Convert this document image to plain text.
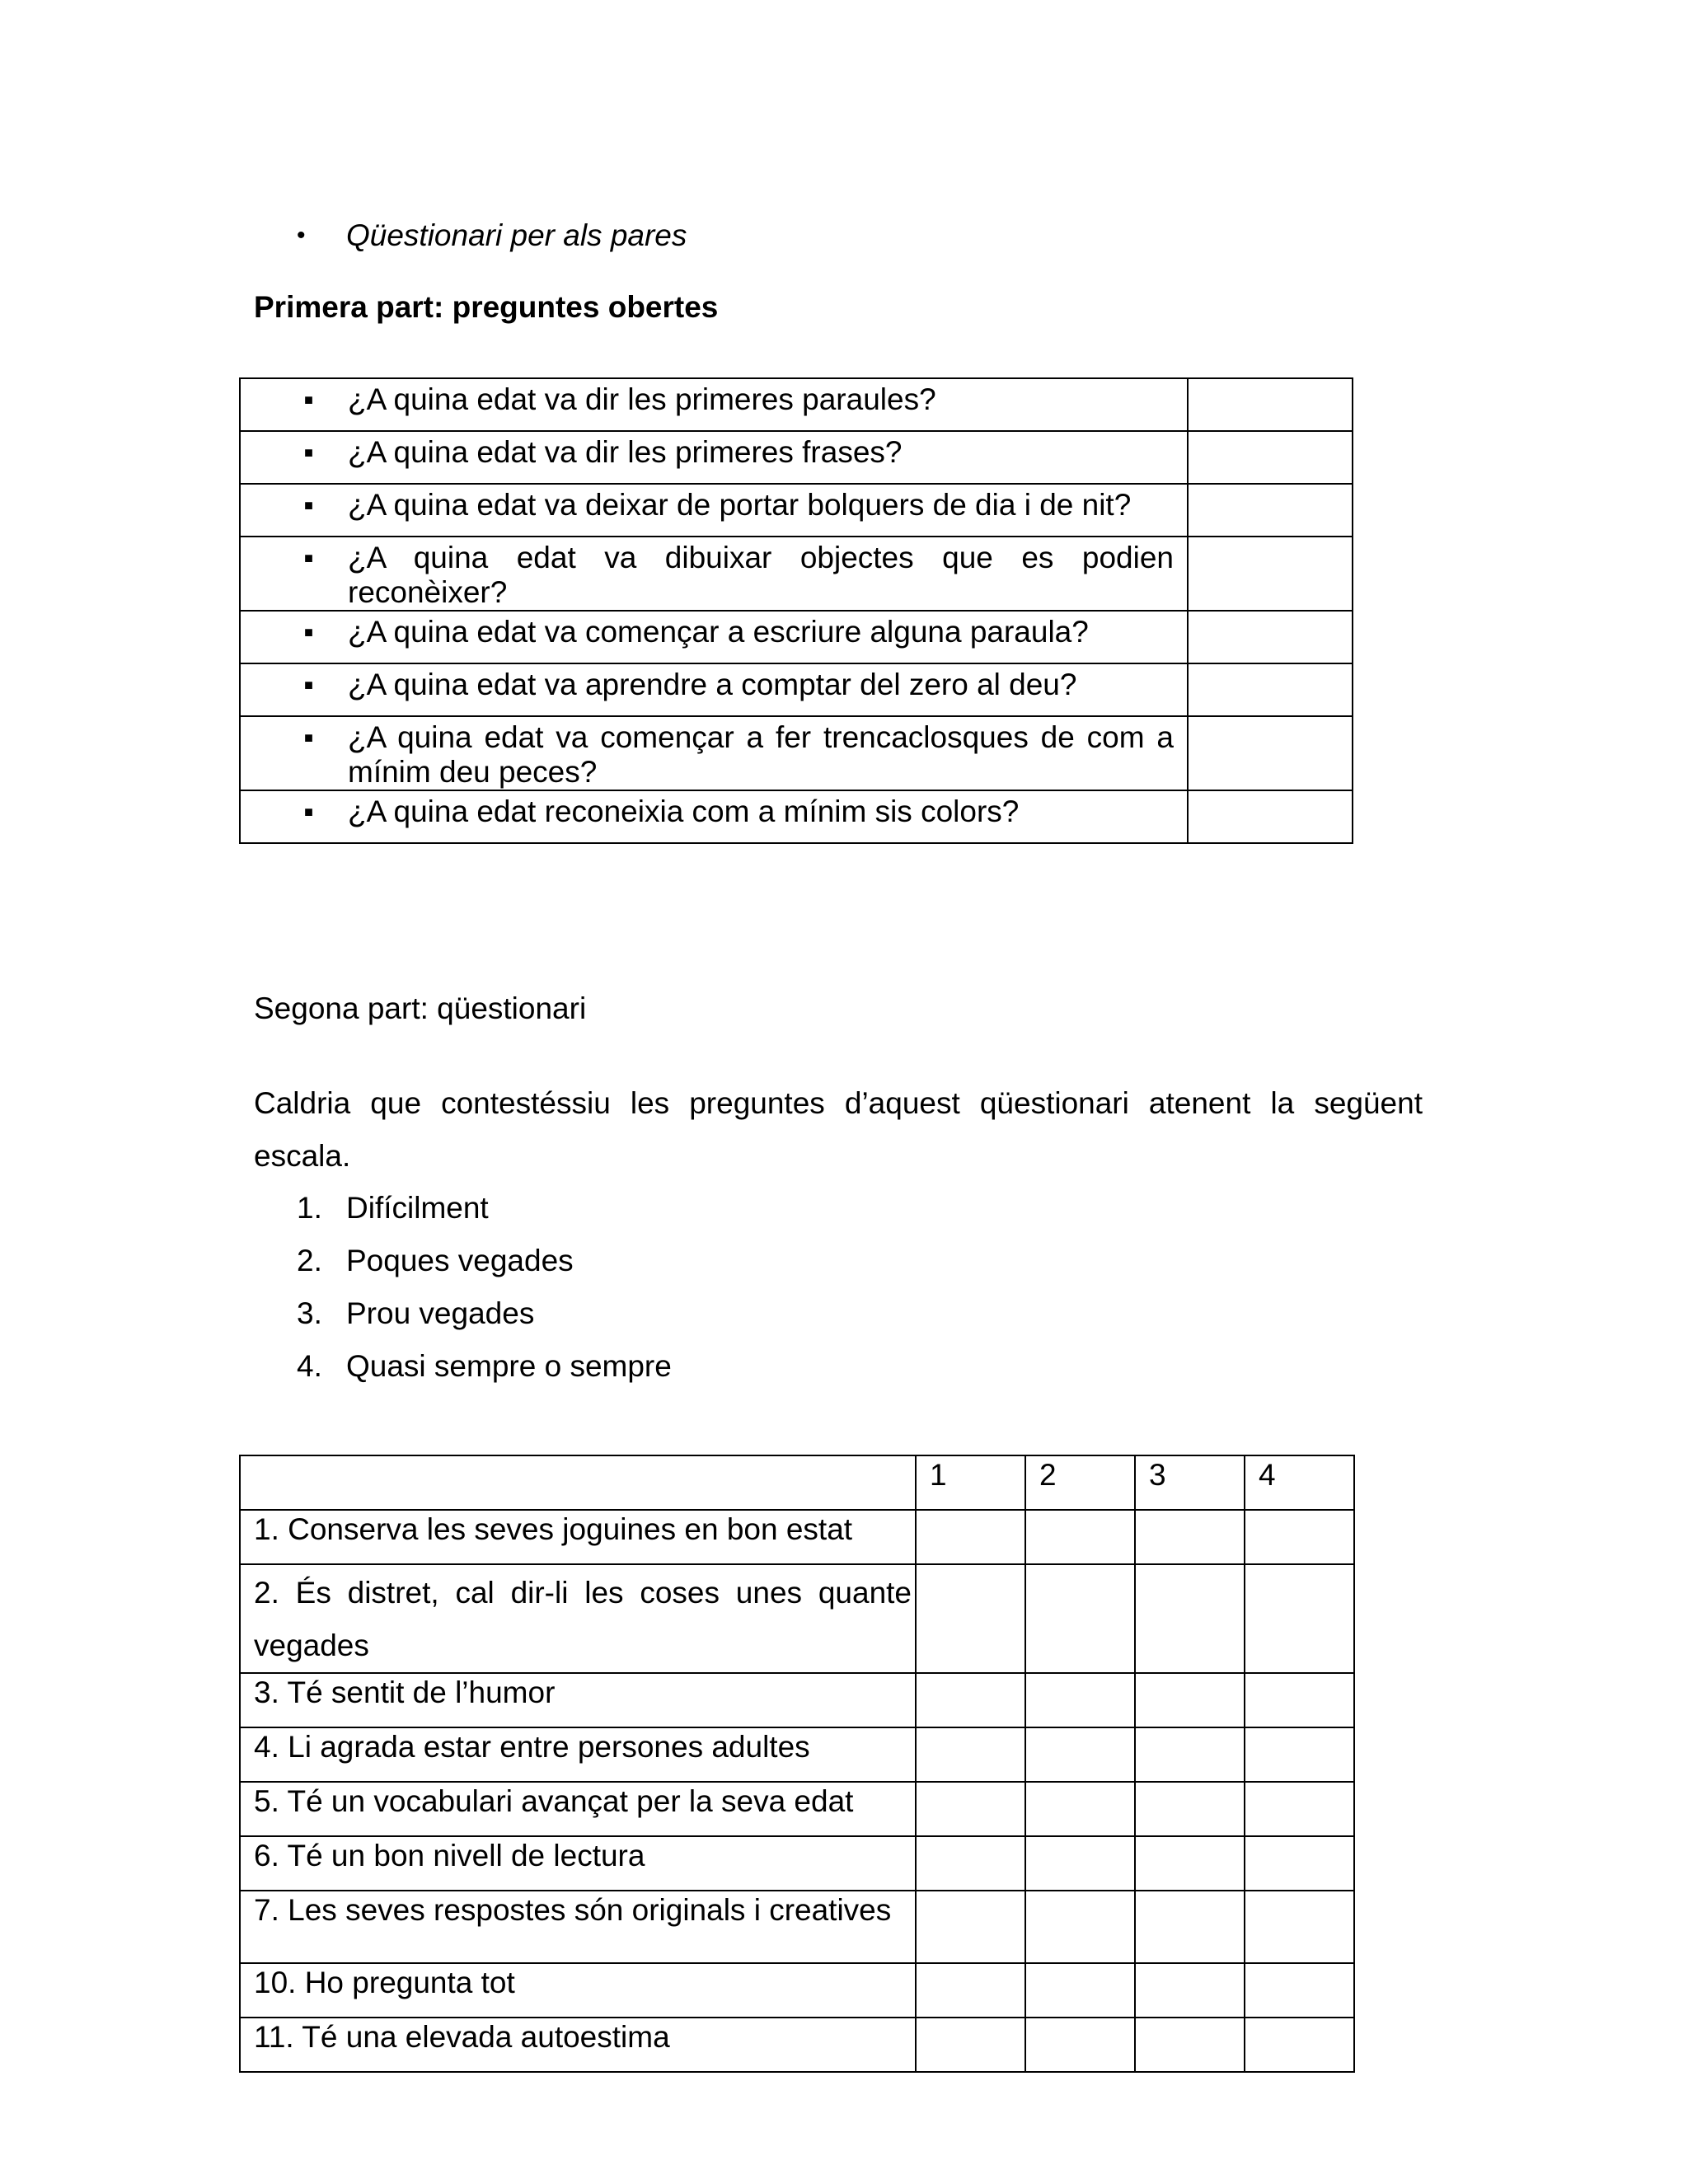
•	Qüestionari per als pares
Primera part: preguntes obertes
■ ¿A quina edat va dir les primeres paraules?	

■ ¿A quina edat va dir les primeres frases?	

■ ¿A quina edat va deixar de portar bolquers de dia i de nit?	

■ ¿A quina edat va dibuixar objectes que es podien reconèixer?	

■ ¿A quina edat va començar a escriure alguna paraula?	

■ ¿A quina edat va aprendre a comptar del zero al deu?	

■ ¿A quina edat va començar a fer trencaclosques de com a mínim deu peces?	

■ ¿A quina edat reconeixia com a mínim sis colors?	

Segona part: qüestionari
Caldria que contestéssiu les preguntes d’aquest qüestionari atenent la següent escala.
1. Difícilment
2. Poques vegades
3. Prou vegades
4. Quasi sempre o sempre
	1	2	3	4
1. Conserva les seves joguines en bon estat				
2. És distret, cal dir-li les coses unes quante vegades				
3. Té sentit de l’humor				
4. Li agrada estar entre persones adultes				
5. Té un vocabulari avançat per la seva edat				
6. Té un bon nivell de lectura				
7. Les seves respostes són originals i creatives				
10. Ho pregunta tot				
11. Té una elevada autoestima				
